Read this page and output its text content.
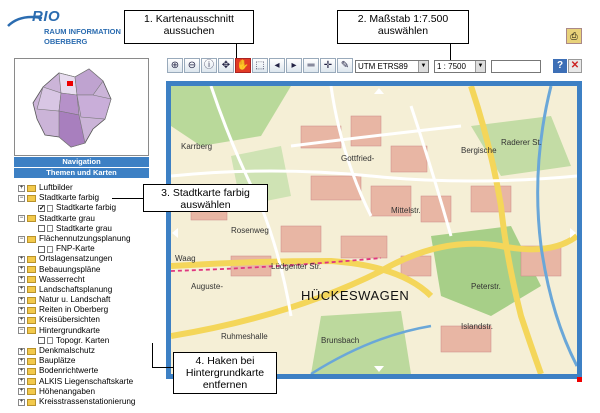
RIO
RAUM INFORMATION
OBERBERG
Navigation
Themen und Karten
+ Luftbilder
− Stadtkarte farbig
✓
Stadtkarte farbig
− Stadtkarte grau
Stadtkarte grau
− Flächennutzungsplanung
FNP-Karte
+ Ortslagensatzungen
+ Bebauungspläne
+ Wasserrecht
+ Landschaftsplanung
+ Natur u. Landschaft
+ Reiten in Oberberg
+ Kreisübersichten
− Hintergrundkarte
Topogr. Karten
+ Denkmalschutz
+ Bauplätze
+ Bodenrichtwerte
+ ALKIS Liegenschaftskarte
+ Höhenangaben
+ Kreisstrassenstationierung
⊕ ⊖ ⓘ ✥ ✋ ⬚ ◂	▸	═ ✛ ✎	UTM ETRS89	▼	1 : 7500	▼	? ✕
⎙
HÜCKESWAGEN
Karrberg
Lüdgenter Str.
Ruhmeshalle	Brunsbach
Peterstr.
Raderer St.
Bergische
Rosenweg
Auguste-
Waag
Mittelstr.
Gottfried-
Islandstr.
1. Kartenausschnitt aussuchen
2. Maßstab 1:7.500 auswählen
3. Stadtkarte farbig auswählen
4. Haken bei Hintergrundkarte entfernen
